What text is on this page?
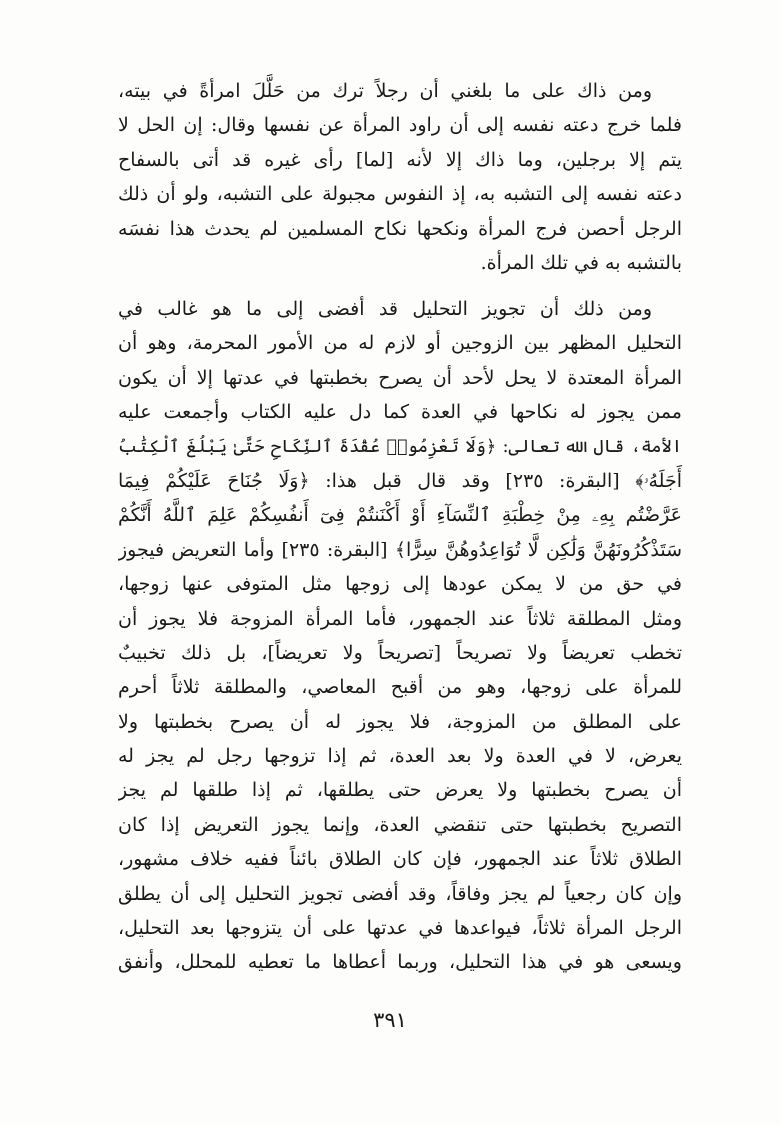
ومن ذاك على ما بلغني أن رجلاً ترك من حَلَّلَ امرأةً في بيته،
فلما خرج دعته نفسه إلى أن راود المرأة عن نفسها وقال: إن الحل لا
يتم إلا برجلين، وما ذاك إلا لأنه [لما] رأى غيره قد أتى بالسفاح
دعته نفسه إلى التشبه به، إذ النفوس مجبولة على التشبه، ولو أن ذلك
الرجل أحصن فرج المرأة ونكحها نكاح المسلمين لم يحدث هذا نفسَه
بالتشبه به في تلك المرأة.
ومن ذلك أن تجويز التحليل قد أفضى إلى ما هو غالب في
التحليل المظهر بين الزوجين أو لازم له من الأمور المحرمة، وهو أن
المرأة المعتدة لا يحل لأحد أن يصرح بخطبتها في عدتها إلا أن يكون
ممن يجوز له نكاحها في العدة كما دل عليه الكتاب وأجمعت عليه
الأمة، قال الله تعالى: ﴿وَلَا تَعْزِمُوا۟ عُقْدَةَ ٱلنِّكَاحِ حَتَّىٰ يَبْلُغَ ٱلْكِتَٰبُ
أَجَلَهُۥ﴾ [البقرة: ٢٣٥] وقد قال قبل هذا: ﴿وَلَا جُنَاحَ عَلَيْكُمْ فِيمَا
عَرَّضْتُم بِهِۦ مِنْ خِطْبَةِ ٱلنِّسَآءِ أَوْ أَكْنَنتُمْ فِىٓ أَنفُسِكُمْ عَلِمَ ٱللَّهُ أَنَّكُمْ
سَتَذْكُرُونَهُنَّ وَلَٰكِن لَّا تُوَاعِدُوهُنَّ سِرًّا﴾ [البقرة: ٢٣٥] وأما التعريض فيجوز
في حق من لا يمكن عودها إلى زوجها مثل المتوفى عنها زوجها،
ومثل المطلقة ثلاثاً عند الجمهور، فأما المرأة المزوجة فلا يجوز أن
تخطب تعريضاً ولا تصريحاً [تصريحاً ولا تعريضاً]، بل ذلك تخبيبٌ
للمرأة على زوجها، وهو من أقبح المعاصي، والمطلقة ثلاثاً أحرم
على المطلق من المزوجة، فلا يجوز له أن يصرح بخطبتها ولا
يعرض، لا في العدة ولا بعد العدة، ثم إذا تزوجها رجل لم يجز له
أن يصرح بخطبتها ولا يعرض حتى يطلقها، ثم إذا طلقها لم يجز
التصريح بخطبتها حتى تنقضي العدة، وإنما يجوز التعريض إذا كان
الطلاق ثلاثاً عند الجمهور، فإن كان الطلاق بائناً ففيه خلاف مشهور،
وإن كان رجعياً لم يجز وفاقاً، وقد أفضى تجويز التحليل إلى أن يطلق
الرجل المرأة ثلاثاً، فيواعدها في عدتها على أن يتزوجها بعد التحليل،
ويسعى هو في هذا التحليل، وربما أعطاها ما تعطيه للمحلل، وأنفق
٣٩١
